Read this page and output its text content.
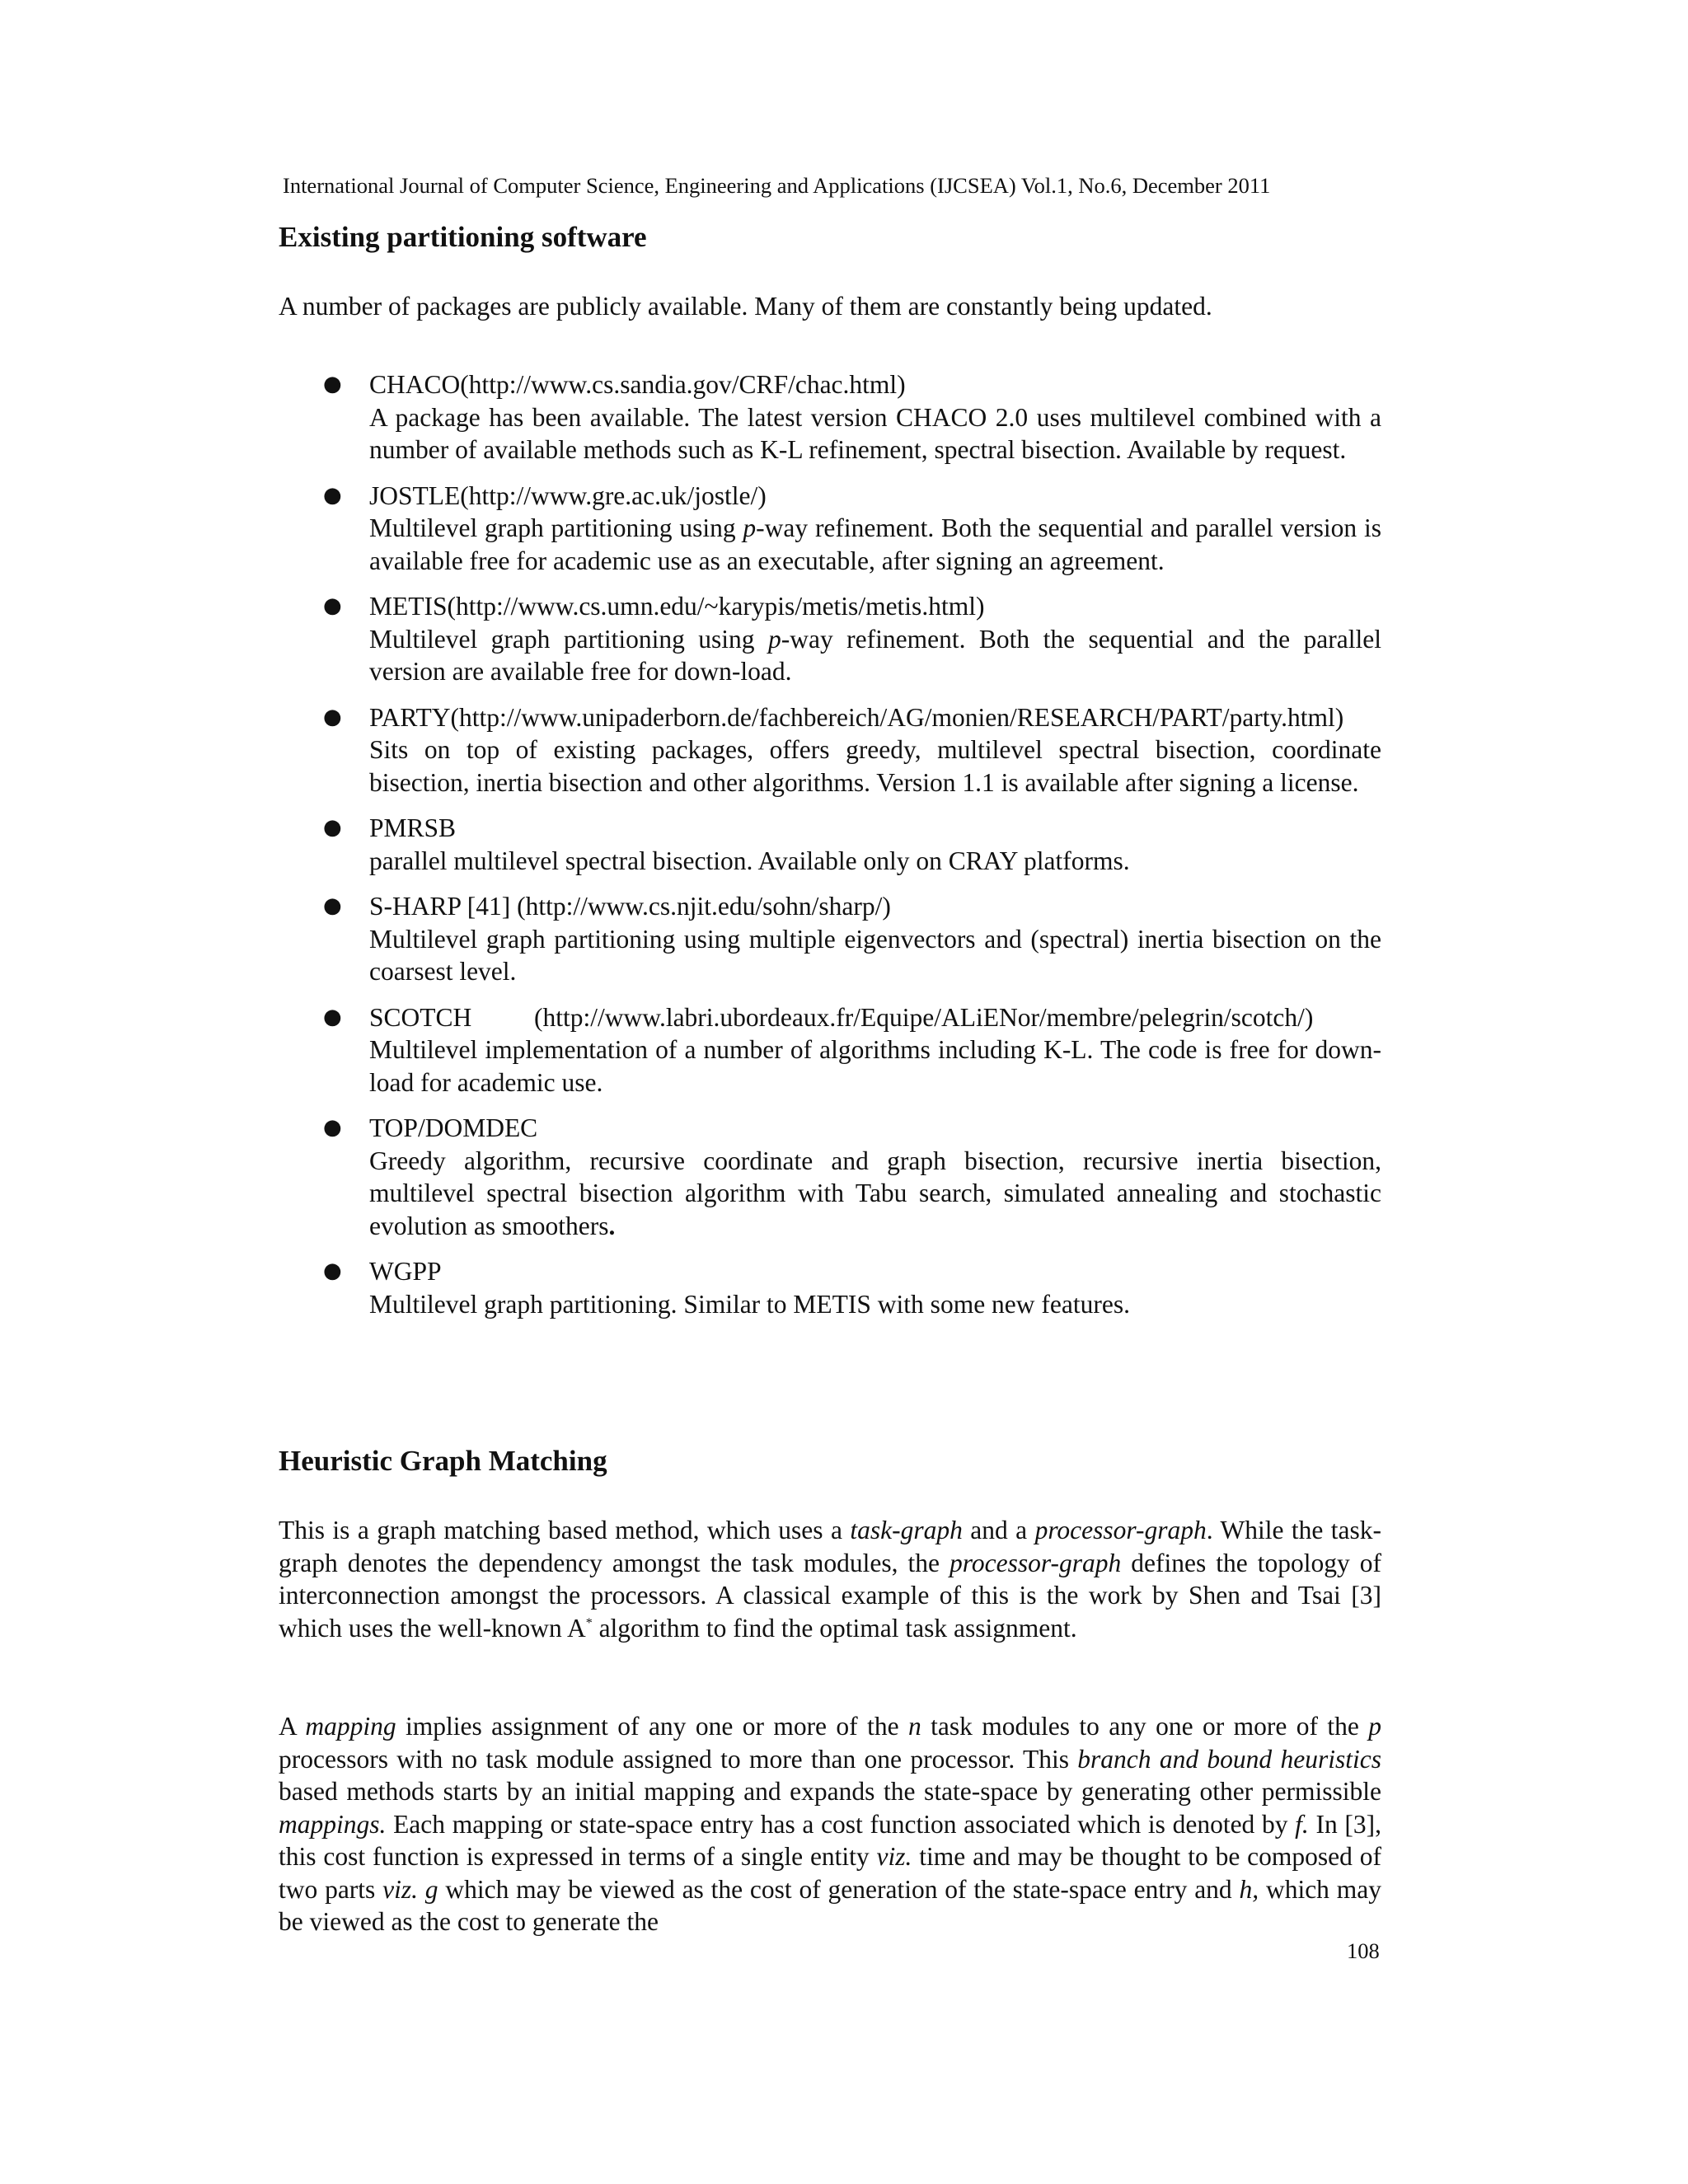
International Journal of Computer Science, Engineering and Applications (IJCSEA) Vol.1, No.6, December 2011
Existing partitioning software
A number of packages are publicly available. Many of them are constantly being updated.
● CHACO(http://www.cs.sandia.gov/CRF/chac.html)
A package has been available. The latest version CHACO 2.0 uses multilevel combined with a number of available methods such as K-L refinement, spectral bisection. Available by request.
● JOSTLE(http://www.gre.ac.uk/jostle/)
Multilevel graph partitioning using p-way refinement. Both the sequential and parallel version is available free for academic use as an executable, after signing an agreement.
● METIS(http://www.cs.umn.edu/~karypis/metis/metis.html)
Multilevel graph partitioning using p-way refinement. Both the sequential and the parallel version are available free for down-load.
● PARTY(http://www.unipaderborn.de/fachbereich/AG/monien/RESEARCH/PART/party.html)
Sits on top of existing packages, offers greedy, multilevel spectral bisection, coordinate bisection, inertia bisection and other algorithms. Version 1.1 is available after signing a license.
● PMRSB
parallel multilevel spectral bisection. Available only on CRAY platforms.
● S-HARP [41] (http://www.cs.njit.edu/sohn/sharp/)
Multilevel graph partitioning using multiple eigenvectors and (spectral) inertia bisection on the coarsest level.
● SCOTCH (http://www.labri.ubordeaux.fr/Equipe/ALiENor/membre/pelegrin/scotch/)
Multilevel implementation of a number of algorithms including K-L. The code is free for down-load for academic use.
● TOP/DOMDEC
Greedy algorithm, recursive coordinate and graph bisection, recursive inertia bisection, multilevel spectral bisection algorithm with Tabu search, simulated annealing and stochastic evolution as smoothers.
● WGPP
Multilevel graph partitioning. Similar to METIS with some new features.
Heuristic Graph Matching
This is a graph matching based method, which uses a task-graph and a processor-graph. While the task-graph denotes the dependency amongst the task modules, the processor-graph defines the topology of interconnection amongst the processors. A classical example of this is the work by Shen and Tsai [3] which uses the well-known A* algorithm to find the optimal task assignment.
A mapping implies assignment of any one or more of the n task modules to any one or more of the p processors with no task module assigned to more than one processor. This branch and bound heuristics based methods starts by an initial mapping and expands the state-space by generating other permissible mappings. Each mapping or state-space entry has a cost function associated which is denoted by f. In [3], this cost function is expressed in terms of a single entity viz. time and may be thought to be composed of two parts viz. g which may be viewed as the cost of generation of the state-space entry and h, which may be viewed as the cost to generate the
108
